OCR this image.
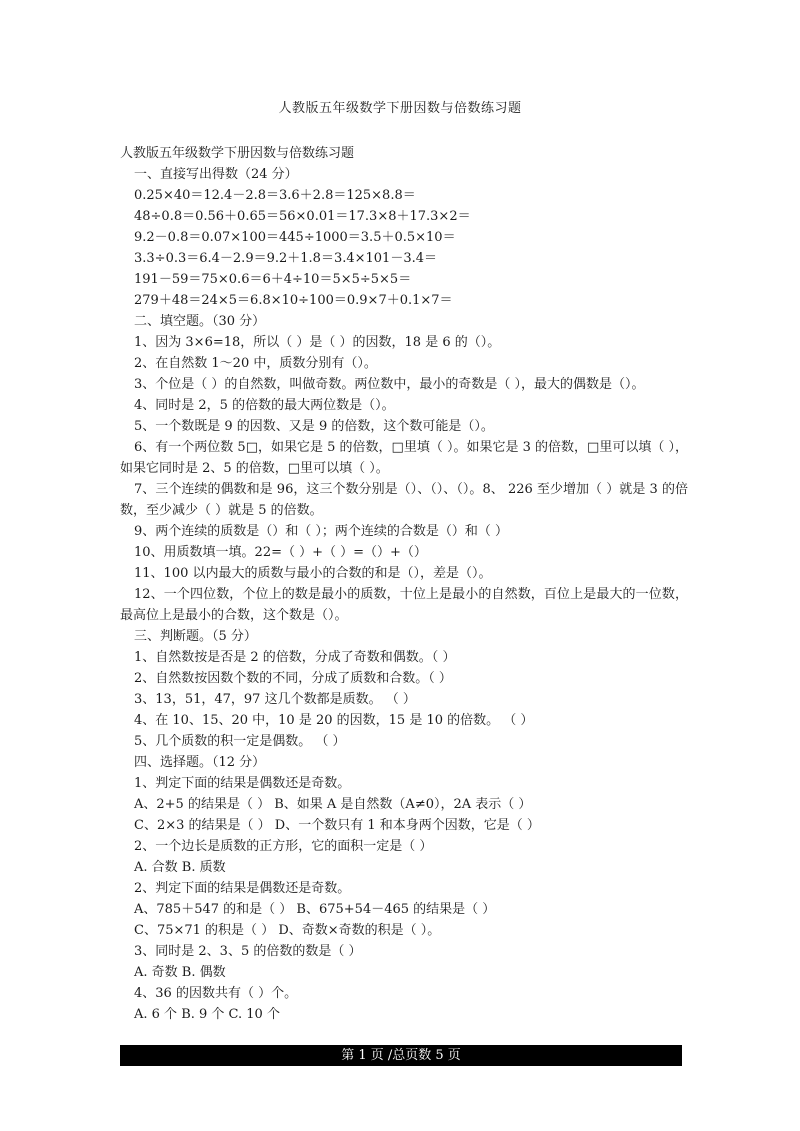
人教版五年级数学下册因数与倍数练习题
人教版五年级数学下册因数与倍数练习题
一、直接写出得数（24 分）
0.25×40＝12.4－2.8＝3.6＋2.8＝125×8.8＝
48÷0.8＝0.56＋0.65＝56×0.01＝17.3×8＋17.3×2＝
9.2－0.8＝0.07×100＝445÷1000＝3.5＋0.5×10＝
3.3÷0.3＝6.4－2.9＝9.2＋1.8＝3.4×101－3.4＝
191－59＝75×0.6＝6＋4÷10＝5×5÷5×5＝
279＋48＝24×5＝6.8×10÷100＝0.9×7＋0.1×7＝
二、填空题。（30 分）
1、因为 3×6=18，所以（ ）是（ ）的因数，18 是 6 的（）。
2、在自然数 1～20 中，质数分别有（）。
3、个位是（ ）的自然数，叫做奇数。两位数中，最小的奇数是（ ），最大的偶数是（）。
4、同时是 2，5 的倍数的最大两位数是（）。
5、一个数既是 9 的因数、又是 9 的倍数，这个数可能是（）。
6、有一个两位数 5□，如果它是 5 的倍数，□里填（ ）。如果它是 3 的倍数，□里可以填（ ），如果它同时是 2、5 的倍数，□里可以填（ ）。
7、三个连续的偶数和是 96，这三个数分别是（）、（）、（）。8、 226 至少增加（ ）就是 3 的倍数，至少减少（ ）就是 5 的倍数。
9、两个连续的质数是（）和（ ）；两个连续的合数是（）和（ ）
10、用质数填一填。22=（ ）+（ ）=（）+（）
11、100 以内最大的质数与最小的合数的和是（），差是（）。
12、一个四位数，个位上的数是最小的质数，十位上是最小的自然数，百位上是最大的一位数，最高位上是最小的合数，这个数是（）。
三、判断题。（5 分）
1、自然数按是否是 2 的倍数，分成了奇数和偶数。（ ）
2、自然数按因数个数的不同，分成了质数和合数。（ ）
3、13，51，47，97 这几个数都是质数。 （ ）
4、在 10、15、20 中，10 是 20 的因数，15 是 10 的倍数。 （ ）
5、几个质数的积一定是偶数。 （ ）
四、选择题。（12 分）
1、判定下面的结果是偶数还是奇数。
A、2+5 的结果是（ ） B、如果 A 是自然数（A≠0），2A 表示（ ）
C、2×3 的结果是（ ） D、一个数只有 1 和本身两个因数，它是（ ）
2、一个边长是质数的正方形，它的面积一定是（ ）
A. 合数 B. 质数
2、判定下面的结果是偶数还是奇数。
A、785＋547 的和是（ ） B、675+54－465 的结果是（ ）
C、75×71 的积是（ ） D、奇数×奇数的积是（ ）。
3、同时是 2、3、5 的倍数的数是（ ）
A. 奇数 B. 偶数
4、36 的因数共有（ ）个。
A. 6 个 B. 9 个 C. 10 个
第 1 页 /总页数 5 页
